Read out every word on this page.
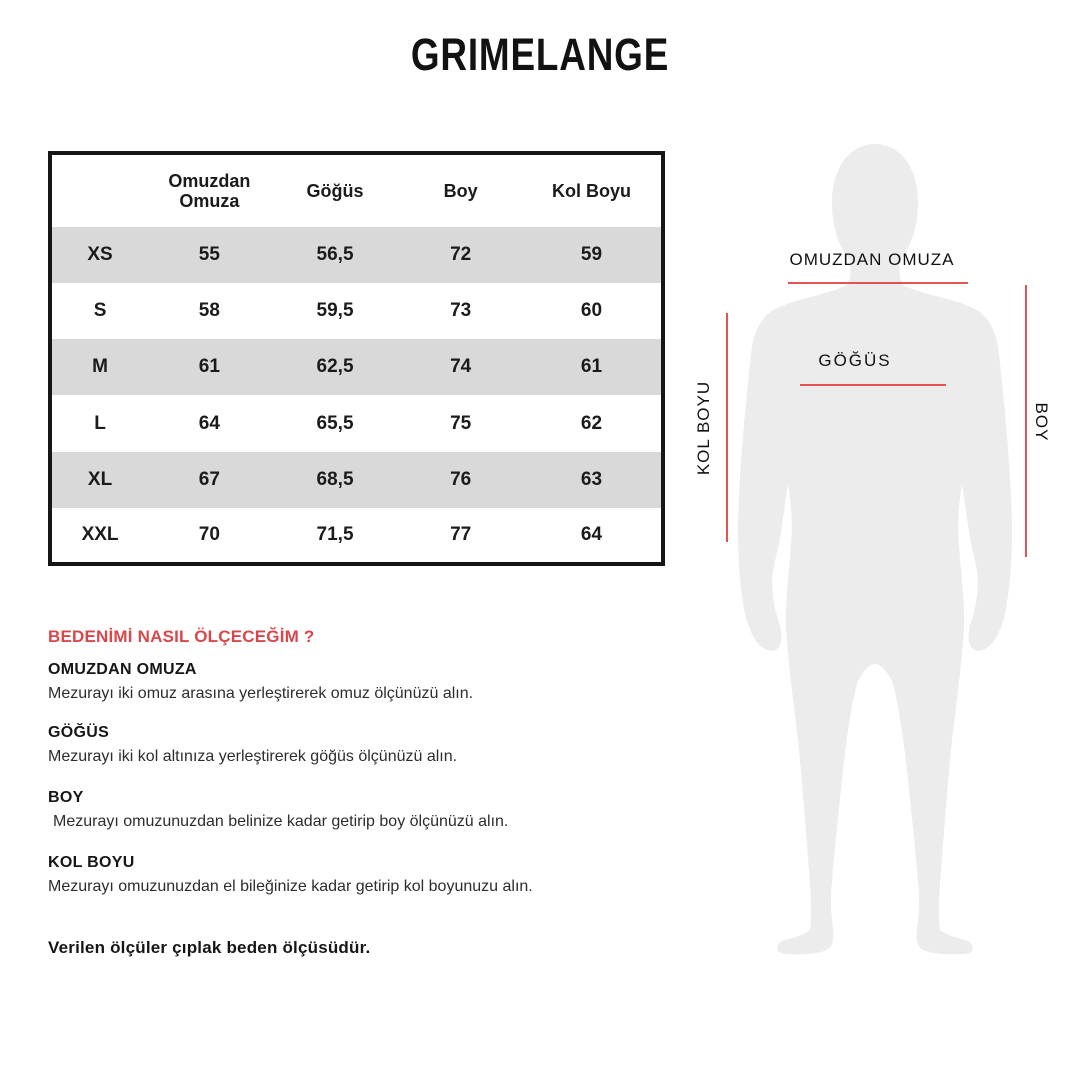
GRIMELANGE
	Omuzdan Omuza	Göğüs	Boy	Kol Boyu
XS	55	56,5	72	59
S	58	59,5	73	60
M	61	62,5	74	61
L	64	65,5	75	62
XL	67	68,5	76	63
XXL	70	71,5	77	64
OMUZDAN OMUZA
GÖĞÜS
KOL BOYU	BOY
BEDENİMİ NASIL ÖLÇECEĞİM ?
OMUZDAN OMUZA

Mezurayı iki omuz arasına yerleştirerek omuz ölçünüzü alın.

GÖĞÜS

Mezurayı iki kol altınıza yerleştirerek göğüs ölçünüzü alın.

BOY

Mezurayı omuzunuzdan belinize kadar getirip boy ölçünüzü alın.

KOL BOYU

Mezurayı omuzunuzdan el bileğinize kadar getirip kol boyunuzu alın.

Verilen ölçüler çıplak beden ölçüsüdür.
